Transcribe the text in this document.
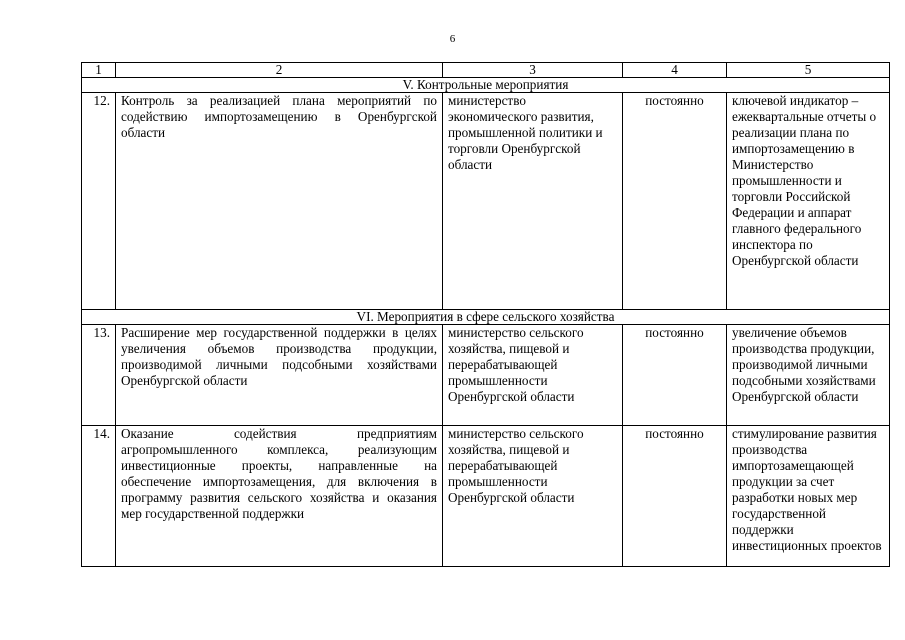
6
1	2	3	4	5
V. Контрольные мероприятия				
12.	Контроль за реализацией плана мероприятий по содействию импортозамещению в Оренбургской области	министерство экономического развития, промышленной политики и торговли Оренбургской области	постоянно	ключевой индикатор – ежеквартальные отчеты о реализации плана по импортозамещению в Министерство промышленности и торговли Российской Федерации и аппарат главного федерального инспектора по Оренбургской области
VI. Мероприятия в сфере сельского хозяйства				
13.	Расширение мер государственной поддержки в целях увеличения объемов производства продукции, производимой личными подсобными хозяйствами Оренбургской области	министерство сельского хозяйства, пищевой и перерабатывающей промышленности Оренбургской области	постоянно	увеличение объемов производства продукции, производимой личными подсобными хозяйствами Оренбургской области
14.	Оказание содействия предприятиям агропромышленного комплекса, реализующим инвестиционные проекты, направленные на обеспечение импортозамещения, для включения в программу развития сельского хозяйства и оказания мер государственной поддержки	министерство сельского хозяйства, пищевой и перерабатывающей промышленности Оренбургской области	постоянно	стимулирование развития производства импортозамещающей продукции за счет разработки новых мер государственной поддержки инвестиционных проектов
